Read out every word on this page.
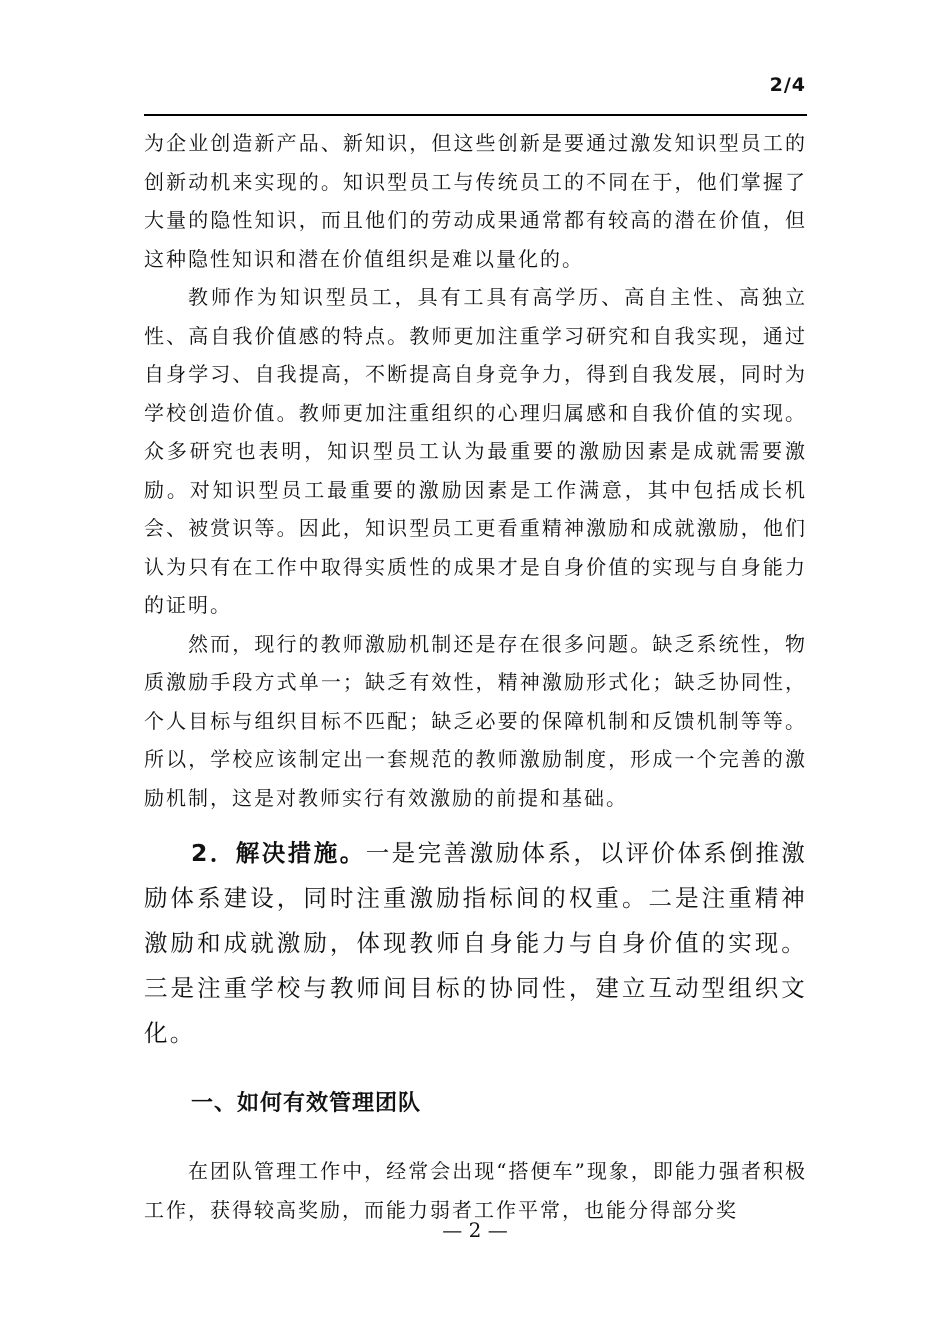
2/4

为企业创造新产品、新知识，但这些创新是要通过激发知识型员工的创新动机来实现的。知识型员工与传统员工的不同在于，他们掌握了大量的隐性知识，而且他们的劳动成果通常都有较高的潜在价值，但这种隐性知识和潜在价值组织是难以量化的。

教师作为知识型员工，具有工具有高学历、高自主性、高独立性、高自我价值感的特点。教师更加注重学习研究和自我实现，通过自身学习、自我提高，不断提高自身竞争力，得到自我发展，同时为学校创造价值。教师更加注重组织的心理归属感和自我价值的实现。众多研究也表明，知识型员工认为最重要的激励因素是成就需要激励。对知识型员工最重要的激励因素是工作满意，其中包括成长机会、被赏识等。因此，知识型员工更看重精神激励和成就激励，他们认为只有在工作中取得实质性的成果才是自身价值的实现与自身能力的证明。

然而，现行的教师激励机制还是存在很多问题。缺乏系统性，物质激励手段方式单一；缺乏有效性，精神激励形式化；缺乏协同性，个人目标与组织目标不匹配；缺乏必要的保障机制和反馈机制等等。所以，学校应该制定出一套规范的教师激励制度，形成一个完善的激励机制，这是对教师实行有效激励的前提和基础。

2．解决措施。一是完善激励体系，以评价体系倒推激励体系建设，同时注重激励指标间的权重。二是注重精神激励和成就激励，体现教师自身能力与自身价值的实现。三是注重学校与教师间目标的协同性，建立互动型组织文化。

一、如何有效管理团队

在团队管理工作中，经常会出现“搭便车”现象，即能力强者积极工作，获得较高奖励，而能力弱者工作平常，也能分得部分奖

— 2 —
